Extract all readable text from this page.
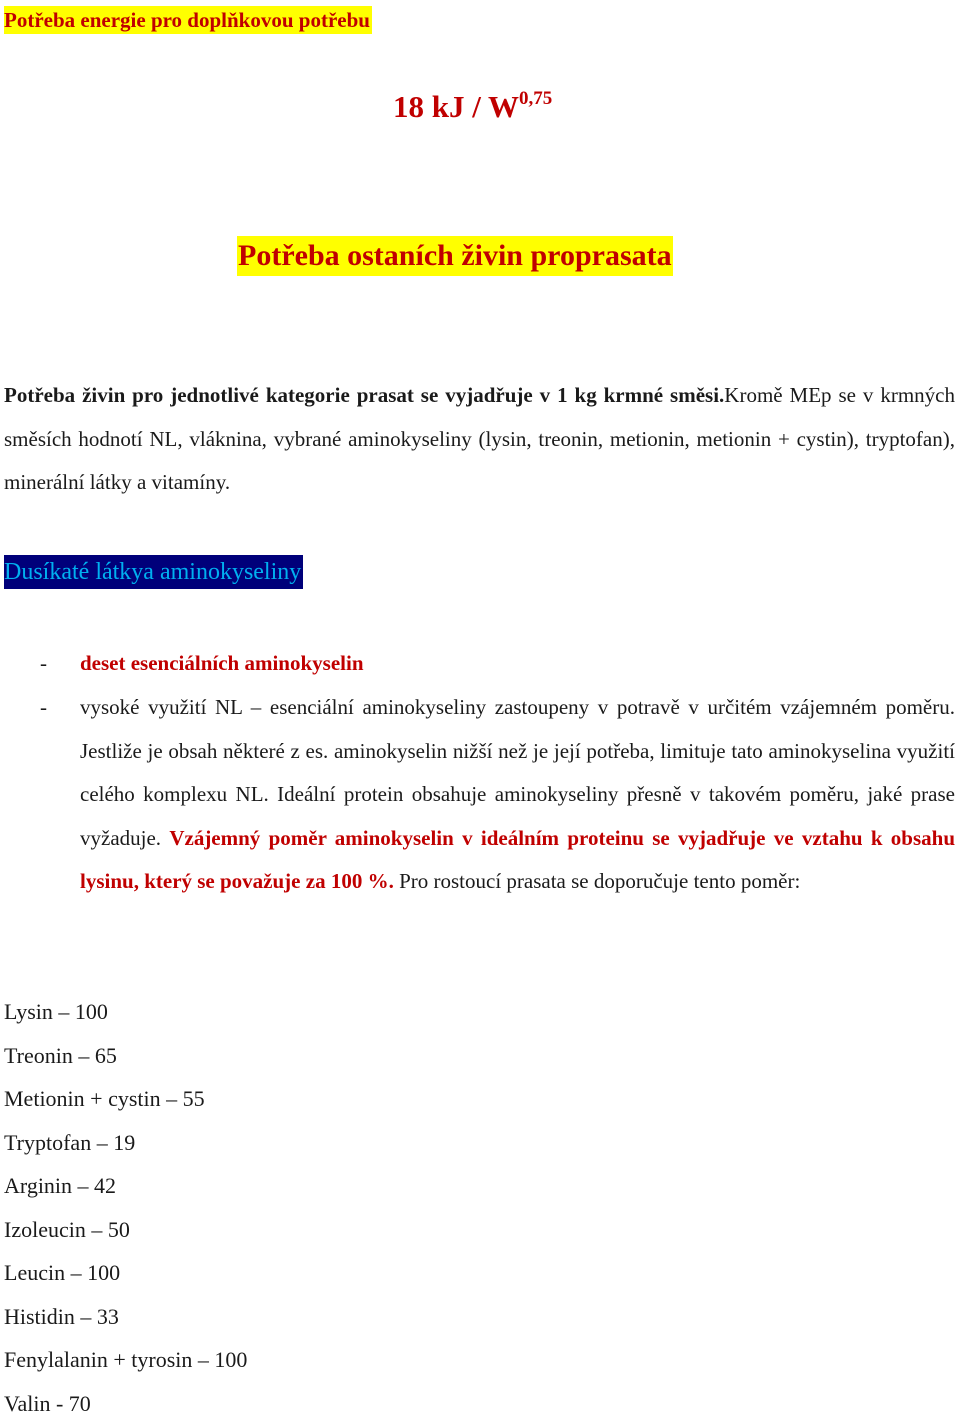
Potřeba energie pro doplňkovou potřebu
18 kJ / W$^{0,75}$
Potřeba ostaních živin proprasata
Potřeba živin pro jednotlivé kategorie prasat se vyjadřuje v 1 kg krmné směsi.Kromě MEp se v krmných směsích hodnotí NL, vláknina, vybrané aminokyseliny (lysin, treonin, metionin, metionin + cystin), tryptofan), minerální látky a vitamíny.
Dusíkaté látkya aminokyseliny
- deset esenciálních aminokyselin
- vysoké využití NL – esenciální aminokyseliny zastoupeny v potravě v určitém vzájemném poměru. Jestliže je obsah některé z es. aminokyselin nižší než je její potřeba, limituje tato aminokyselina využití celého komplexu NL. Ideální protein obsahuje aminokyseliny přesně v takovém poměru, jaké prase vyžaduje. Vzájemný poměr aminokyselin v ideálním proteinu se vyjadřuje ve vztahu k obsahu lysinu, který se považuje za 100 %. Pro rostoucí prasata se doporučuje tento poměr:
Lysin – 100
Treonin – 65
Metionin + cystin – 55
Tryptofan – 19
Arginin – 42
Izoleucin – 50
Leucin – 100
Histidin – 33
Fenylalanin + tyrosin – 100
Valin - 70
